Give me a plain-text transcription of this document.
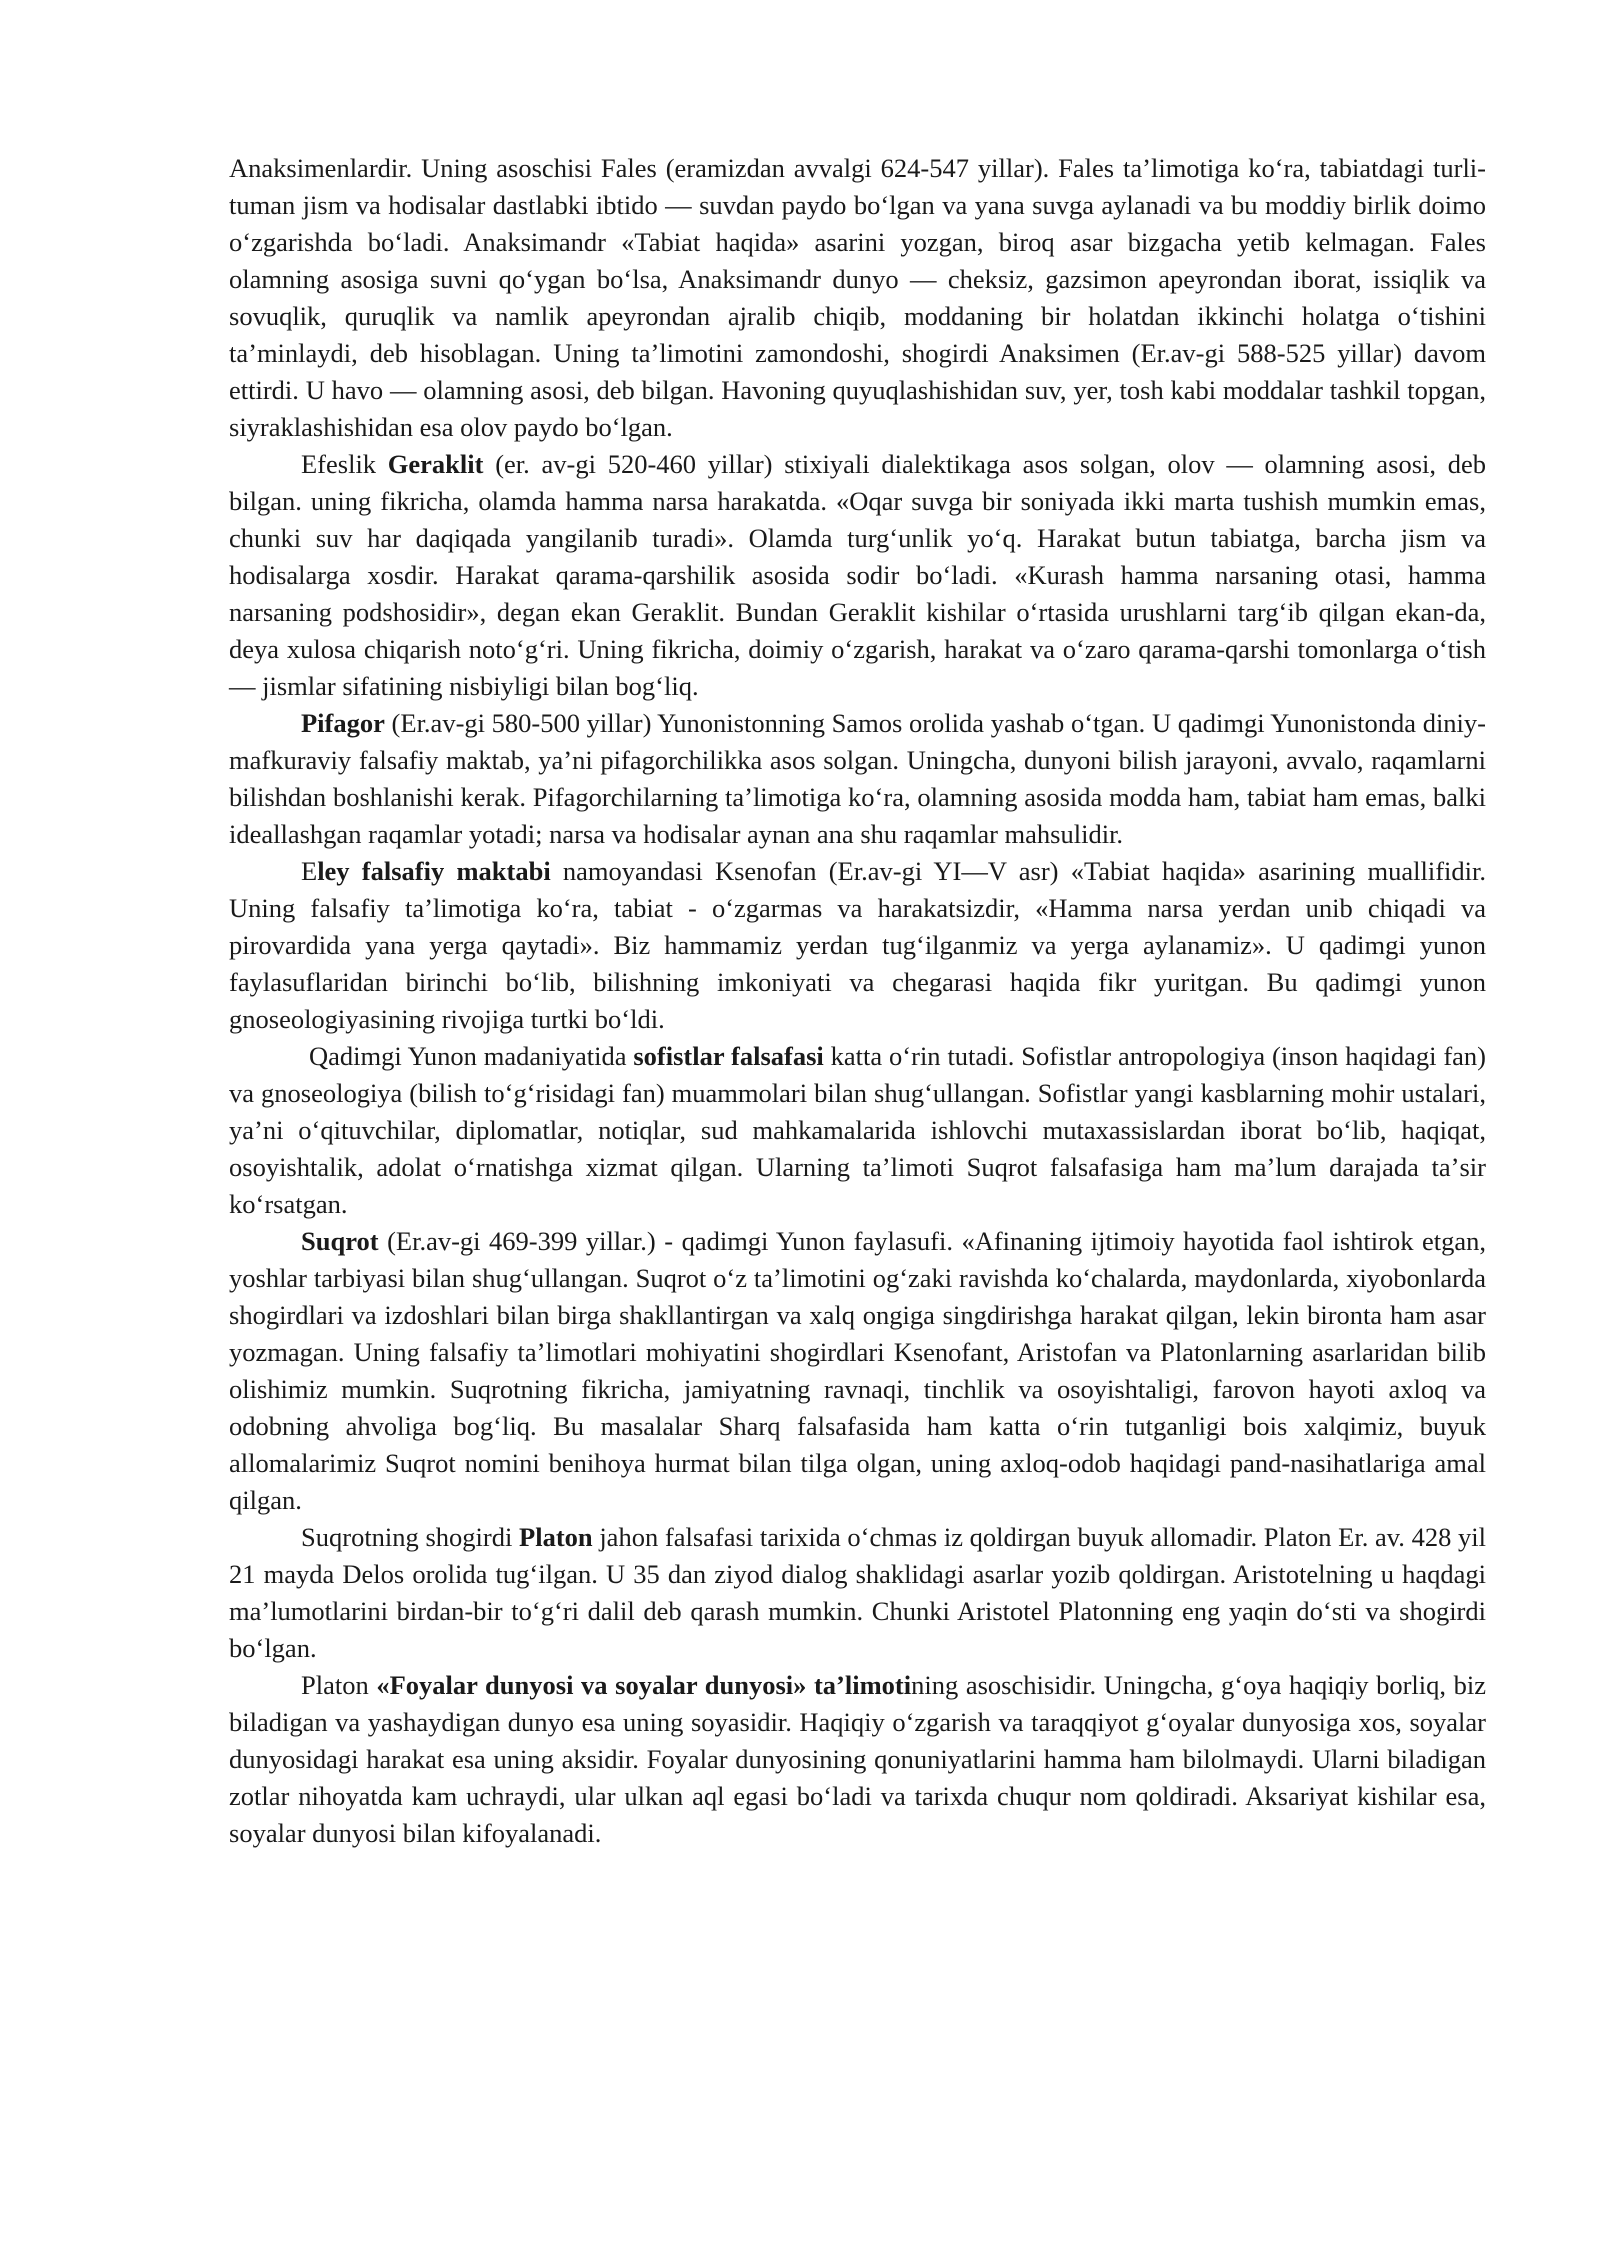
Anaksimenlardir. Uning asoschisi Fales (eramizdan avvalgi 624-547 yillar). Fales taʼlimotiga koʻra, tabiatdagi turli-tuman jism va hodisalar dastlabki ibtido — suvdan paydo boʻlgan va yana suvga aylanadi va bu moddiy birlik doimo oʻzgarishda boʻladi. Anaksimandr «Tabiat haqida» asarini yozgan, biroq asar bizgacha yetib kelmagan. Fales olamning asosiga suvni qoʻygan boʻlsa, Anaksimandr dunyo — cheksiz, gazsimon apeyrondan iborat, issiqlik va sovuqlik, quruqlik va namlik apeyrondan ajralib chiqib, moddaning bir holatdan ikkinchi holatga oʻtishini taʼminlaydi, deb hisoblagan. Uning taʼlimotini zamondoshi, shogirdi Anaksimen (Er.av-gi 588-525 yillar) davom ettirdi. U havo — olamning asosi, deb bilgan. Havoning quyuqlashishidan suv, yer, tosh kabi moddalar tashkil topgan, siyraklashishidan esa olov paydo boʻlgan.

Efeslik Geraklit (er. av-gi 520-460 yillar) stixiyali dialektikaga asos solgan, olov — olamning asosi, deb bilgan. uning fikricha, olamda hamma narsa harakatda. «Oqar suvga bir soniyada ikki marta tushish mumkin emas, chunki suv har daqiqada yangilanib turadi». Olamda turgʻunlik yoʻq. Harakat butun tabiatga, barcha jism va hodisalarga xosdir. Harakat qarama-qarshilik asosida sodir boʻladi. «Kurash hamma narsaning otasi, hamma narsaning podshosidir», degan ekan Geraklit. Bundan Geraklit kishilar oʻrtasida urushlarni targʻib qilgan ekan-da, deya xulosa chiqarish notoʻgʻri. Uning fikricha, doimiy oʻzgarish, harakat va oʻzaro qarama-qarshi tomonlarga oʻtish — jismlar sifatining nisbiyligi bilan bogʻliq.

Pifagor (Er.av-gi 580-500 yillar) Yunonistonning Samos orolida yashab oʻtgan. U qadimgi Yunonistonda diniy-mafkuraviy falsafiy maktab, yaʼni pifagorchilikka asos solgan. Uningcha, dunyoni bilish jarayoni, avvalo, raqamlarni bilishdan boshlanishi kerak. Pifagorchilarning taʼlimotiga koʻra, olamning asosida modda ham, tabiat ham emas, balki ideallashgan raqamlar yotadi; narsa va hodisalar aynan ana shu raqamlar mahsulidir.

Eley falsafiy maktabi namoyandasi Ksenofan (Er.av-gi YI—V asr) «Tabiat haqida» asarining muallifidir. Uning falsafiy taʼlimotiga koʻra, tabiat - oʻzgarmas va harakatsizdir, «Hamma narsa yerdan unib chiqadi va pirovardida yana yerga qaytadi». Biz hammamiz yerdan tugʻilganmiz va yerga aylanamiz». U qadimgi yunon faylasuflaridan birinchi boʻlib, bilishning imkoniyati va chegarasi haqida fikr yuritgan. Bu qadimgi yunon gnoseologiyasining rivojiga turtki boʻldi.

Qadimgi Yunon madaniyatida sofistlar falsafasi katta oʻrin tutadi. Sofistlar antropologiya (inson haqidagi fan) va gnoseologiya (bilish toʻgʻrisidagi fan) muammolari bilan shugʻullangan. Sofistlar yangi kasblarning mohir ustalari, yaʼni oʻqituvchilar, diplomatlar, notiqlar, sud mahkamalarida ishlovchi mutaxassislardan iborat boʻlib, haqiqat, osoyishtalik, adolat oʻrnatishga xizmat qilgan. Ularning taʼlimoti Suqrot falsafasiga ham maʼlum darajada taʼsir koʻrsatgan.

Suqrot (Er.av-gi 469-399 yillar.) - qadimgi Yunon faylasufi. «Afinaning ijtimoiy hayotida faol ishtirok etgan, yoshlar tarbiyasi bilan shugʻullangan. Suqrot oʻz taʼlimotini ogʻzaki ravishda koʻchalarda, maydonlarda, xiyobonlarda shogirdlari va izdoshlari bilan birga shakllantirgan va xalq ongiga singdirishga harakat qilgan, lekin bironta ham asar yozmagan. Uning falsafiy taʼlimotlari mohiyatini shogirdlari Ksenofant, Aristofan va Platonlarning asarlaridan bilib olishimiz mumkin. Suqrotning fikricha, jamiyatning ravnaqi, tinchlik va osoyishtaligi, farovon hayoti axloq va odobning ahvoliga bogʻliq. Bu masalalar Sharq falsafasida ham katta oʻrin tutganligi bois xalqimiz, buyuk allomalarimiz Suqrot nomini benihoya hurmat bilan tilga olgan, uning axloq-odob haqidagi pand-nasihatlariga amal qilgan.

Suqrotning shogirdi Platon jahon falsafasi tarixida oʻchmas iz qoldirgan buyuk allomadir. Platon Er. av. 428 yil 21 mayda Delos orolida tugʻilgan. U 35 dan ziyod dialog shaklidagi asarlar yozib qoldirgan. Aristotelning u haqdagi maʼlumotlarini birdan-bir toʻgʻri dalil deb qarash mumkin. Chunki Aristotel Platonning eng yaqin doʻsti va shogirdi boʻlgan.

Platon «Foyalar dunyosi va soyalar dunyosi» taʼlimotining asoschisidir. Uningcha, gʻoya haqiqiy borliq, biz biladigan va yashaydigan dunyo esa uning soyasidir. Haqiqiy oʻzgarish va taraqqiyot gʻoyalar dunyosiga xos, soyalar dunyosidagi harakat esa uning aksidir. Foyalar dunyosining qonuniyatlarini hamma ham bilolmaydi. Ularni biladigan zotlar nihoyatda kam uchraydi, ular ulkan aql egasi boʻladi va tarixda chuqur nom qoldiradi. Aksariyat kishilar esa, soyalar dunyosi bilan kifoyalanadi.
